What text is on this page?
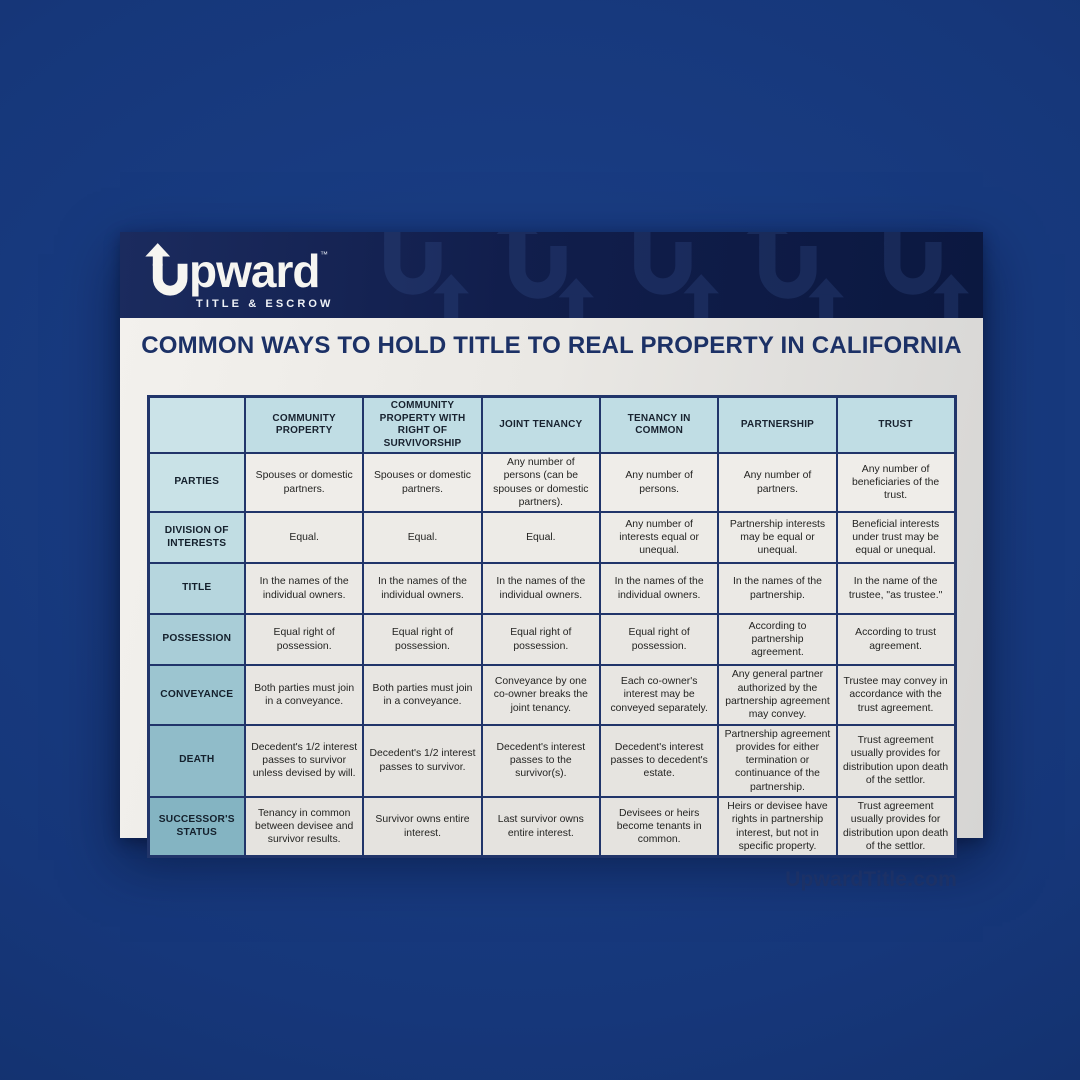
pward ™
TITLE & ESCROW
COMMON WAYS TO HOLD TITLE TO REAL PROPERTY IN CALIFORNIA
	COMMUNITY PROPERTY	COMMUNITY PROPERTY WITH RIGHT OF SURVIVORSHIP	JOINT TENANCY	TENANCY IN COMMON	PARTNERSHIP	TRUST
PARTIES	Spouses or domestic partners.	Spouses or domestic partners.	Any number of persons (can be spouses or domestic partners).	Any number of persons.	Any number of partners.	Any number of beneficiaries of the trust.
DIVISION OF INTERESTS	Equal.	Equal.	Equal.	Any number of interests equal or unequal.	Partnership interests may be equal or unequal.	Beneficial interests under trust may be equal or unequal.
TITLE	In the names of the individual owners.	In the names of the individual owners.	In the names of the individual owners.	In the names of the individual owners.	In the names of the partnership.	In the name of the trustee, "as trustee."
POSSESSION	Equal right of possession.	Equal right of possession.	Equal right of possession.	Equal right of possession.	According to partnership agreement.	According to trust agreement.
CONVEYANCE	Both parties must join in a conveyance.	Both parties must join in a conveyance.	Conveyance by one co-owner breaks the joint tenancy.	Each co-owner's interest may be conveyed separately.	Any general partner authorized by the partnership agreement may convey.	Trustee may convey in accordance with the trust agreement.
DEATH	Decedent's 1/2 interest passes to survivor unless devised by will.	Decedent's 1/2 interest passes to survivor.	Decedent's interest passes to the survivor(s).	Decedent's interest passes to decedent's estate.	Partnership agreement provides for either termination or continuance of the partnership.	Trust agreement usually provides for distribution upon death of the settlor.
SUCCESSOR'S STATUS	Tenancy in common between devisee and survivor results.	Survivor owns entire interest.	Last survivor owns entire interest.	Devisees or heirs become tenants in common.	Heirs or devisee have rights in partnership interest, but not in specific property.	Trust agreement usually provides for distribution upon death of the settlor.
UpwardTitle.com
